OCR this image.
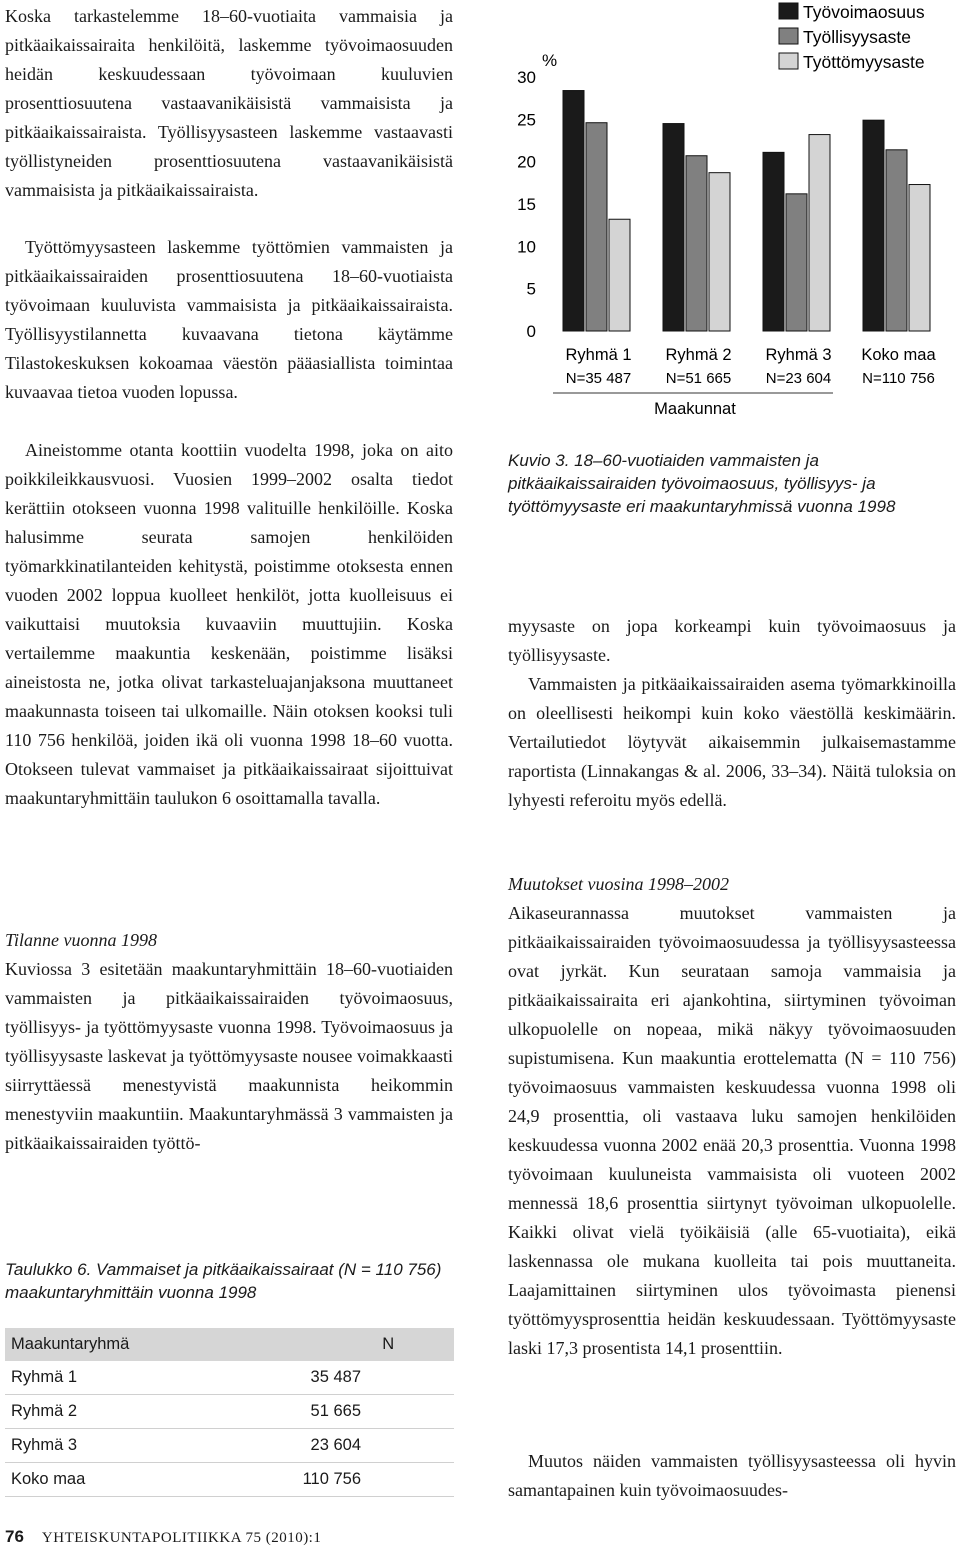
Koska tarkastelemme 18–60-vuotiaita vammaisia ja pitkäaikaissairaita henkilöitä, laskemme työvoimaosuuden heidän keskuudessaan työvoimaan kuuluvien prosenttiosuutena vastaavanikäisistä vammaisista ja pitkäaikaissairaista. Työllisyysasteen laskemme vastaavasti työllistyneiden prosenttiosuutena vastaavanikäisistä vammaisista ja pitkäaikaissairaista.

Työttömyysasteen laskemme työttömien vammaisten ja pitkäaikaissairaiden prosenttiosuutena 18–60-vuotiaista työvoimaan kuuluvista vammaisista ja pitkäaikaissairaista. Työllisyystilannetta kuvaavana tietona käytämme Tilastokeskuksen kokoamaa väestön pääasiallista toimintaa kuvaavaa tietoa vuoden lopussa.

Aineistomme otanta koottiin vuodelta 1998, joka on aito poikkileikkausvuosi. Vuosien 1999–2002 osalta tiedot kerättiin otokseen vuonna 1998 valituille henkilöille. Koska halusimme seurata samojen henkilöiden työmarkkinatilanteiden kehitystä, poistimme otoksesta ennen vuoden 2002 loppua kuolleet henkilöt, jotta kuolleisuus ei vaikuttaisi muutoksia kuvaaviin muuttujiin. Koska vertailemme maakuntia keskenään, poistimme lisäksi aineistosta ne, jotka olivat tarkasteluajanjaksona muuttaneet maakunnasta toiseen tai ulkomaille. Näin otoksen kooksi tuli 110 756 henkilöä, joiden ikä oli vuonna 1998 18–60 vuotta. Otokseen tulevat vammaiset ja pitkäaikaissairaat sijoittuivat maakuntaryhmittäin taulukon 6 osoittamalla tavalla.

Tilanne vuonna 1998

Kuviossa 3 esitetään maakuntaryhmittäin 18–60-vuotiaiden vammaisten ja pitkäaikaissairaiden työvoimaosuus, työllisyys- ja työttömyysaste vuonna 1998. Työvoimaosuus ja työllisyysaste laskevat ja työttömyysaste nousee voimakkaasti siirryttäessä menestyvistä maakunnista heikommin menestyviin maakuntiin. Maakuntaryhmässä 3 vammaisten ja pitkäaikaissairaiden työttö-

Taulukko 6. Vammaiset ja pitkäaikaissairaat (N = 110 756) maakuntaryhmittäin vuonna 1998

Maakuntaryhmä	N
Ryhmä 1	35 487
Ryhmä 2	51 665
Ryhmä 3	23 604
Koko maa	110 756
Työvoimaosuus
Työllisyysaste
Työttömyysaste
%
0
5
10
15
20
25
30
Ryhmä 1
N=35 487
Ryhmä 2
N=51 665
Ryhmä 3
N=23 604
Koko maa
N=110 756
Maakunnat

Kuvio 3. 18–60-vuotiaiden vammaisten ja pitkäaikaissairaiden työvoimaosuus, työllisyys- ja työttömyysaste eri maakuntaryhmissä vuonna 1998

myysaste on jopa korkeampi kuin työvoimaosuus ja työllisyysaste.

Vammaisten ja pitkäaikaissairaiden asema työmarkkinoilla on oleellisesti heikompi kuin koko väestöllä keskimäärin. Vertailutiedot löytyvät aikaisemmin julkaisemastamme raportista (Linnakangas & al. 2006, 33–34). Näitä tuloksia on lyhyesti referoitu myös edellä.

Muutokset vuosina 1998–2002

Aikaseurannassa muutokset vammaisten ja pitkäaikaissairaiden työvoimaosuudessa ja työllisyysasteessa ovat jyrkät. Kun seurataan samoja vammaisia ja pitkäaikaissairaita eri ajankohtina, siirtyminen työvoiman ulkopuolelle on nopeaa, mikä näkyy työvoimaosuuden supistumisena. Kun maakuntia erottelematta (N = 110 756) työvoimaosuus vammaisten keskuudessa vuonna 1998 oli 24,9 prosenttia, oli vastaava luku samojen henkilöiden keskuudessa vuonna 2002 enää 20,3 prosenttia. Vuonna 1998 työvoimaan kuuluneista vammaisista oli vuoteen 2002 mennessä 18,6 prosenttia siirtynyt työvoiman ulkopuolelle. Kaikki olivat vielä työikäisiä (alle 65-vuotiaita), eikä laskennassa ole mukana kuolleita tai pois muuttaneita. Laajamittainen siirtyminen ulos työvoimasta pienensi työttömyysprosenttia heidän keskuudessaan. Työttömyysaste laski 17,3 prosentista 14,1 prosenttiin.

Muutos näiden vammaisten työllisyysasteessa oli hyvin samantapainen kuin työvoimaosuudes-

76 YHTEISKUNTAPOLITIIKKA 75 (2010):1
